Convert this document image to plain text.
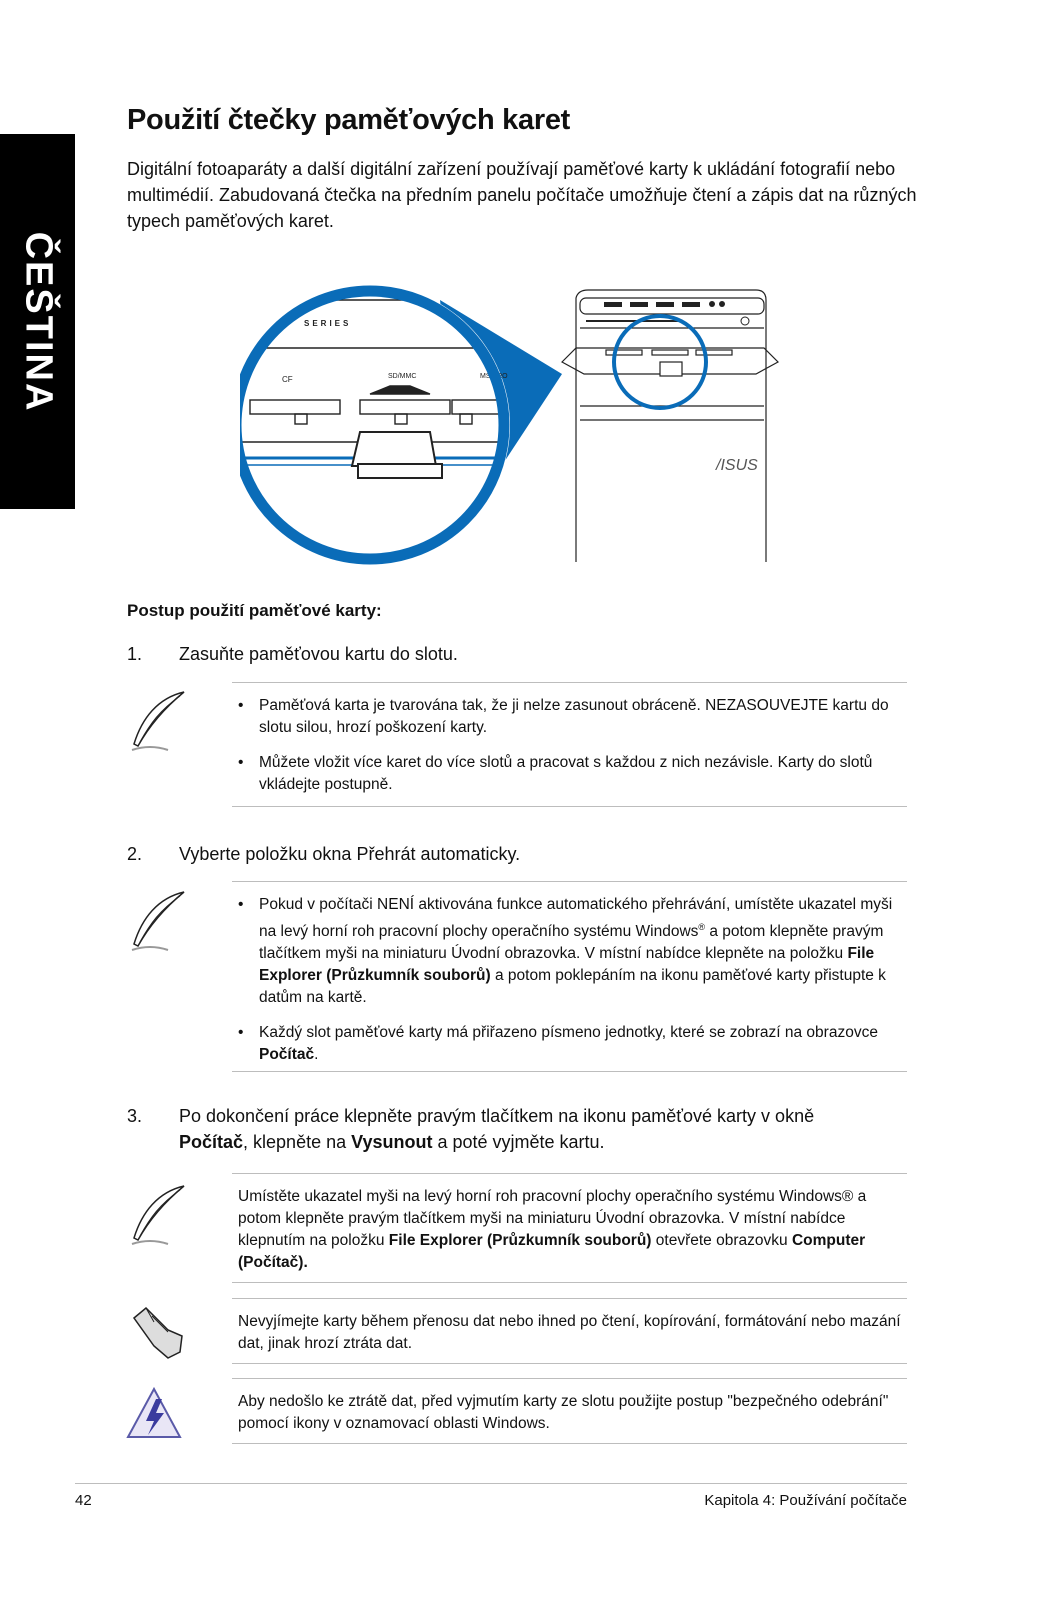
ČEŠTINA
Použití čtečky paměťových karet

Digitální fotoaparáty a další digitální zařízení používají paměťové karty k ukládání fotografií nebo multimédií. Zabudovaná čtečka na předním panelu počítače umožňuje čtení a zápis dat na různých typech paměťových karet.

/ISUS
SERIES
CF	SD/MMC	MS/PRO
Postup použití paměťové karty:
1.	Zasuňte paměťovou kartu do slotu.
• Paměťová karta je tvarována tak, že ji nelze zasunout obráceně. NEZASOUVEJTE kartu do slotu silou, hrozí poškození karty.
• Můžete vložit více karet do více slotů a pracovat s každou z nich nezávisle. Karty do slotů vkládejte postupně.
2.	Vyberte položku okna Přehrát automaticky.
• Pokud v počítači NENÍ aktivována funkce automatického přehrávání, umístěte ukazatel myši na levý horní roh pracovní plochy operačního systému Windows® a potom klepněte pravým tlačítkem myši na miniaturu Úvodní obrazovka. V místní nabídce klepněte na položku File Explorer (Průzkumník souborů) a potom poklepáním na ikonu paměťové karty přistupte k datům na kartě.
• Každý slot paměťové karty má přiřazeno písmeno jednotky, které se zobrazí na obrazovce Počítač.
3.	Po dokončení práce klepněte pravým tlačítkem na ikonu paměťové karty v okně Počítač, klepněte na Vysunout a poté vyjměte kartu.

Umístěte ukazatel myši na levý horní roh pracovní plochy operačního systému Windows® a potom klepněte pravým tlačítkem myši na miniaturu Úvodní obrazovka. V místní nabídce klepnutím na položku File Explorer (Průzkumník souborů) otevřete obrazovku Computer (Počítač).

Nevyjímejte karty během přenosu dat nebo ihned po čtení, kopírování, formátování nebo mazání dat, jinak hrozí ztráta dat.

Aby nedošlo ke ztrátě dat, před vyjmutím karty ze slotu použijte postup "bezpečného odebrání" pomocí ikony v oznamovací oblasti Windows.

42	Kapitola 4: Používání počítače
